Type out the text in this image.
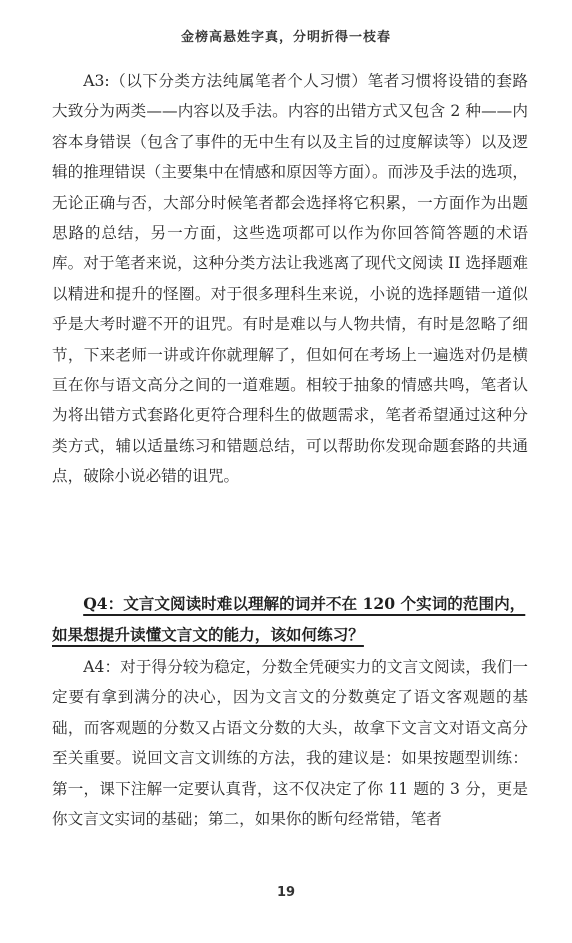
金榜高悬姓字真，分明折得一枝春

A3:（以下分类方法纯属笔者个人习惯）笔者习惯将设错的套路大致分为两类——内容以及手法。内容的出错方式又包含 2 种——内容本身错误（包含了事件的无中生有以及主旨的过度解读等）以及逻辑的推理错误（主要集中在情感和原因等方面）。而涉及手法的选项，无论正确与否，大部分时候笔者都会选择将它积累，一方面作为出题思路的总结，另一方面，这些选项都可以作为你回答简答题的术语库。对于笔者来说，这种分类方法让我逃离了现代文阅读 II 选择题难以精进和提升的怪圈。对于很多理科生来说，小说的选择题错一道似乎是大考时避不开的诅咒。有时是难以与人物共情，有时是忽略了细节，下来老师一讲或许你就理解了，但如何在考场上一遍选对仍是横亘在你与语文高分之间的一道难题。相较于抽象的情感共鸣，笔者认为将出错方式套路化更符合理科生的做题需求，笔者希望通过这种分类方式，辅以适量练习和错题总结，可以帮助你发现命题套路的共通点，破除小说必错的诅咒。

Q4：文言文阅读时难以理解的词并不在 120 个实词的范围内，
如果想提升读懂文言文的能力，该如何练习？

A4：对于得分较为稳定，分数全凭硬实力的文言文阅读，我们一定要有拿到满分的决心，因为文言文的分数奠定了语文客观题的基础，而客观题的分数又占语文分数的大头，故拿下文言文对语文高分至关重要。说回文言文训练的方法，我的建议是：如果按题型训练：第一，课下注解一定要认真背，这不仅决定了你 11 题的 3 分，更是你文言文实词的基础；第二，如果你的断句经常错，笔者

19
